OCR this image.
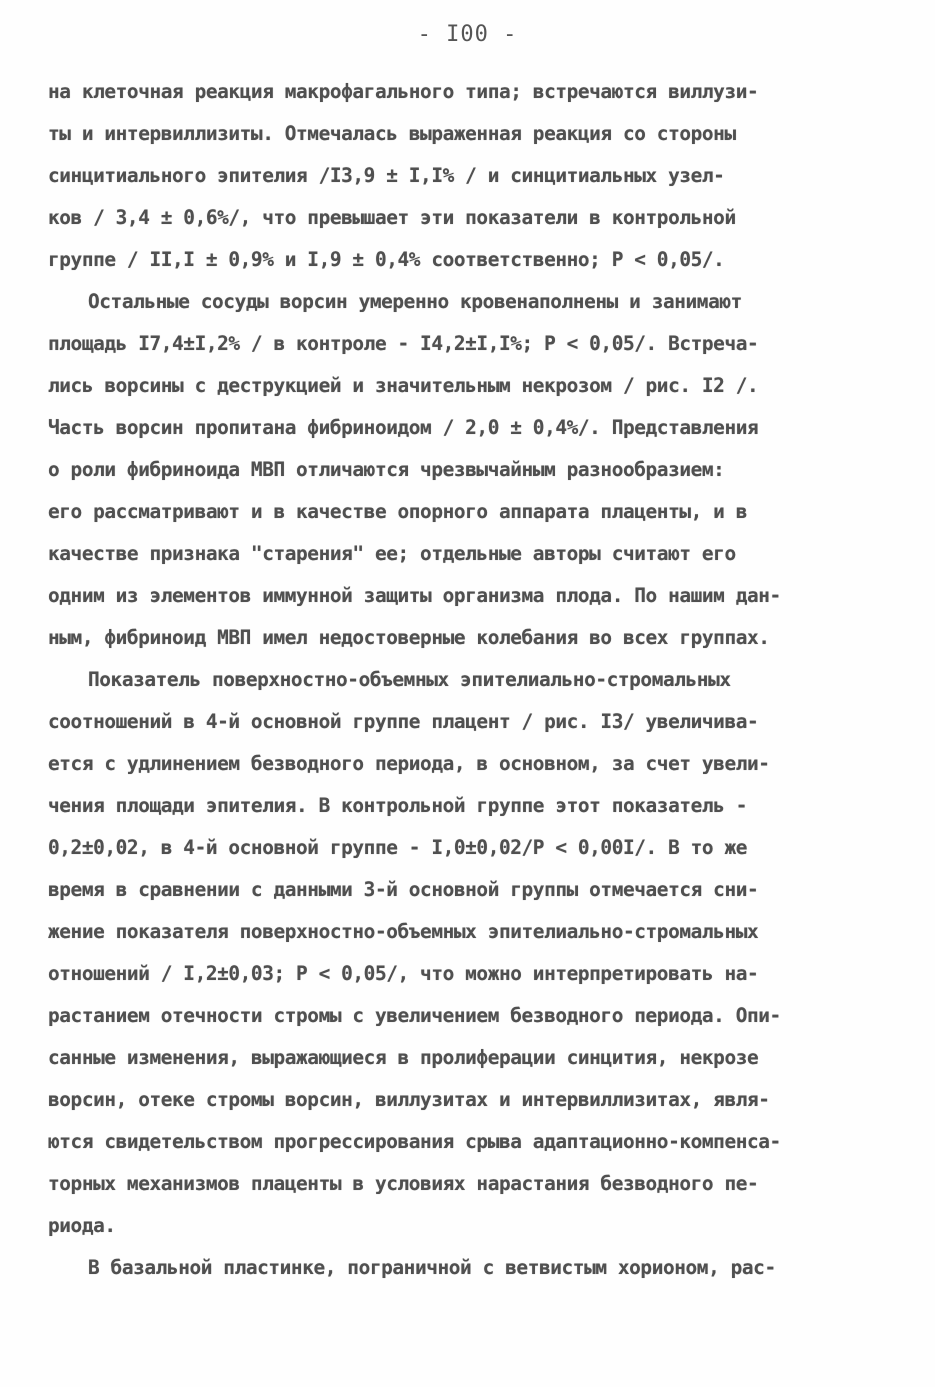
- I00 -
на клеточная реакция макрофагального типа; встречаются виллузи-
ты и интервиллизиты. Отмечалась выраженная реакция со стороны
синцитиального эпителия /I3,9 ± I,I% / и синцитиальных узел-
ков / 3,4 ± 0,6%/, что превышает эти показатели в контрольной
группе / II,I ± 0,9% и I,9 ± 0,4% соответственно; Р < 0,05/.
Остальные сосуды ворсин умеренно кровенаполнены и занимают
площадь I7,4±I,2% / в контроле - I4,2±I,I%; Р < 0,05/. Встреча-
лись ворсины с деструкцией и значительным некрозом / рис. I2 /.
Часть ворсин пропитана фибриноидом / 2,0 ± 0,4%/. Представления
о роли фибриноида МВП отличаются чрезвычайным разнообразием:
его рассматривают и в качестве опорного аппарата плаценты, и в
качестве признака "старения" ее; отдельные авторы считают его
одним из элементов иммунной защиты организма плода. По нашим дан-
ным, фибриноид МВП имел недостоверные колебания во всех группах.
Показатель поверхностно-объемных эпителиально-стромальных
соотношений в 4-й основной группе плацент / рис. I3/ увеличива-
ется с удлинением безводного периода, в основном, за счет увели-
чения площади эпителия. В контрольной группе этот показатель -
0,2±0,02, в 4-й основной группе - I,0±0,02/Р < 0,00I/. В то же
время в сравнении с данными 3-й основной группы отмечается сни-
жение показателя поверхностно-объемных эпителиально-стромальных
отношений / I,2±0,03; Р < 0,05/, что можно интерпретировать на-
растанием отечности стромы с увеличением безводного периода. Опи-
санные изменения, выражающиеся в пролиферации синцития, некрозе
ворсин, отеке стромы ворсин, виллузитах и интервиллизитах, явля-
ются свидетельством прогрессирования срыва адаптационно-компенса-
торных механизмов плаценты в условиях нарастания безводного пе-
риода.
В базальной пластинке, пограничной с ветвистым хорионом, рас-
